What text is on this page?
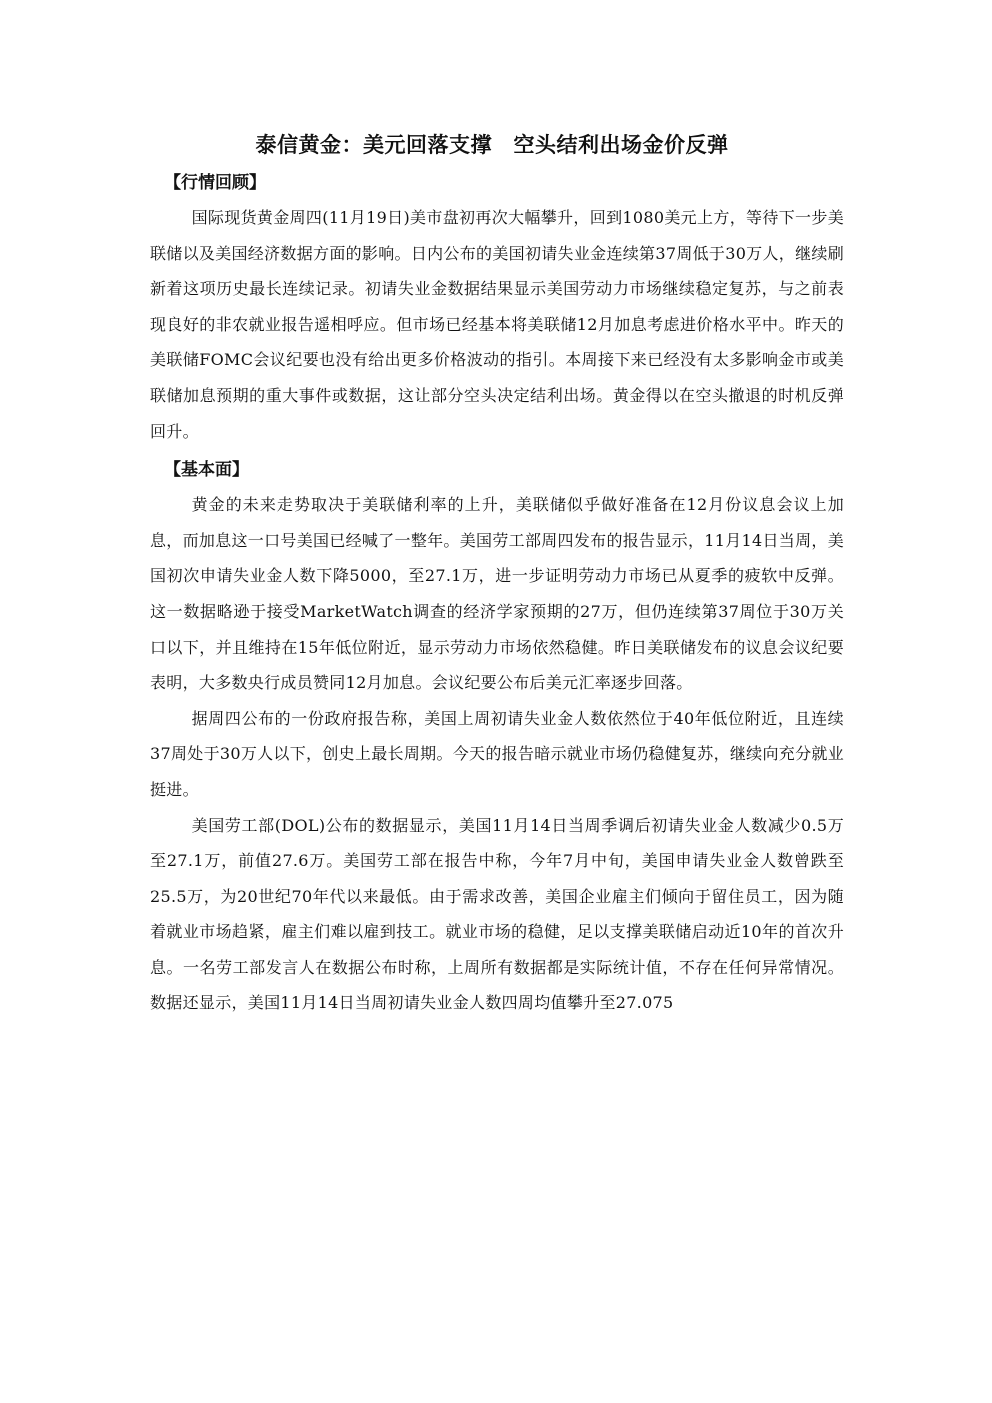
泰信黄金：美元回落支撑　空头结利出场金价反弹
【行情回顾】

国际现货黄金周四(11月19日)美市盘初再次大幅攀升，回到1080美元上方，等待下一步美联储以及美国经济数据方面的影响。日内公布的美国初请失业金连续第37周低于30万人，继续刷新着这项历史最长连续记录。初请失业金数据结果显示美国劳动力市场继续稳定复苏，与之前表现良好的非农就业报告遥相呼应。但市场已经基本将美联储12月加息考虑进价格水平中。昨天的美联储FOMC会议纪要也没有给出更多价格波动的指引。本周接下来已经没有太多影响金市或美联储加息预期的重大事件或数据，这让部分空头决定结利出场。黄金得以在空头撤退的时机反弹回升。

【基本面】

黄金的未来走势取决于美联储利率的上升，美联储似乎做好准备在12月份议息会议上加息，而加息这一口号美国已经喊了一整年。美国劳工部周四发布的报告显示，11月14日当周，美国初次申请失业金人数下降5000，至27.1万，进一步证明劳动力市场已从夏季的疲软中反弹。这一数据略逊于接受MarketWatch调查的经济学家预期的27万，但仍连续第37周位于30万关口以下，并且维持在15年低位附近，显示劳动力市场依然稳健。昨日美联储发布的议息会议纪要表明，大多数央行成员赞同12月加息。会议纪要公布后美元汇率逐步回落。

据周四公布的一份政府报告称，美国上周初请失业金人数依然位于40年低位附近，且连续37周处于30万人以下，创史上最长周期。今天的报告暗示就业市场仍稳健复苏，继续向充分就业挺进。

美国劳工部(DOL)公布的数据显示，美国11月14日当周季调后初请失业金人数减少0.5万至27.1万，前值27.6万。美国劳工部在报告中称，今年7月中旬，美国申请失业金人数曾跌至25.5万，为20世纪70年代以来最低。由于需求改善，美国企业雇主们倾向于留住员工，因为随着就业市场趋紧，雇主们难以雇到技工。就业市场的稳健，足以支撑美联储启动近10年的首次升息。一名劳工部发言人在数据公布时称，上周所有数据都是实际统计值，不存在任何异常情况。数据还显示，美国11月14日当周初请失业金人数四周均值攀升至27.075
